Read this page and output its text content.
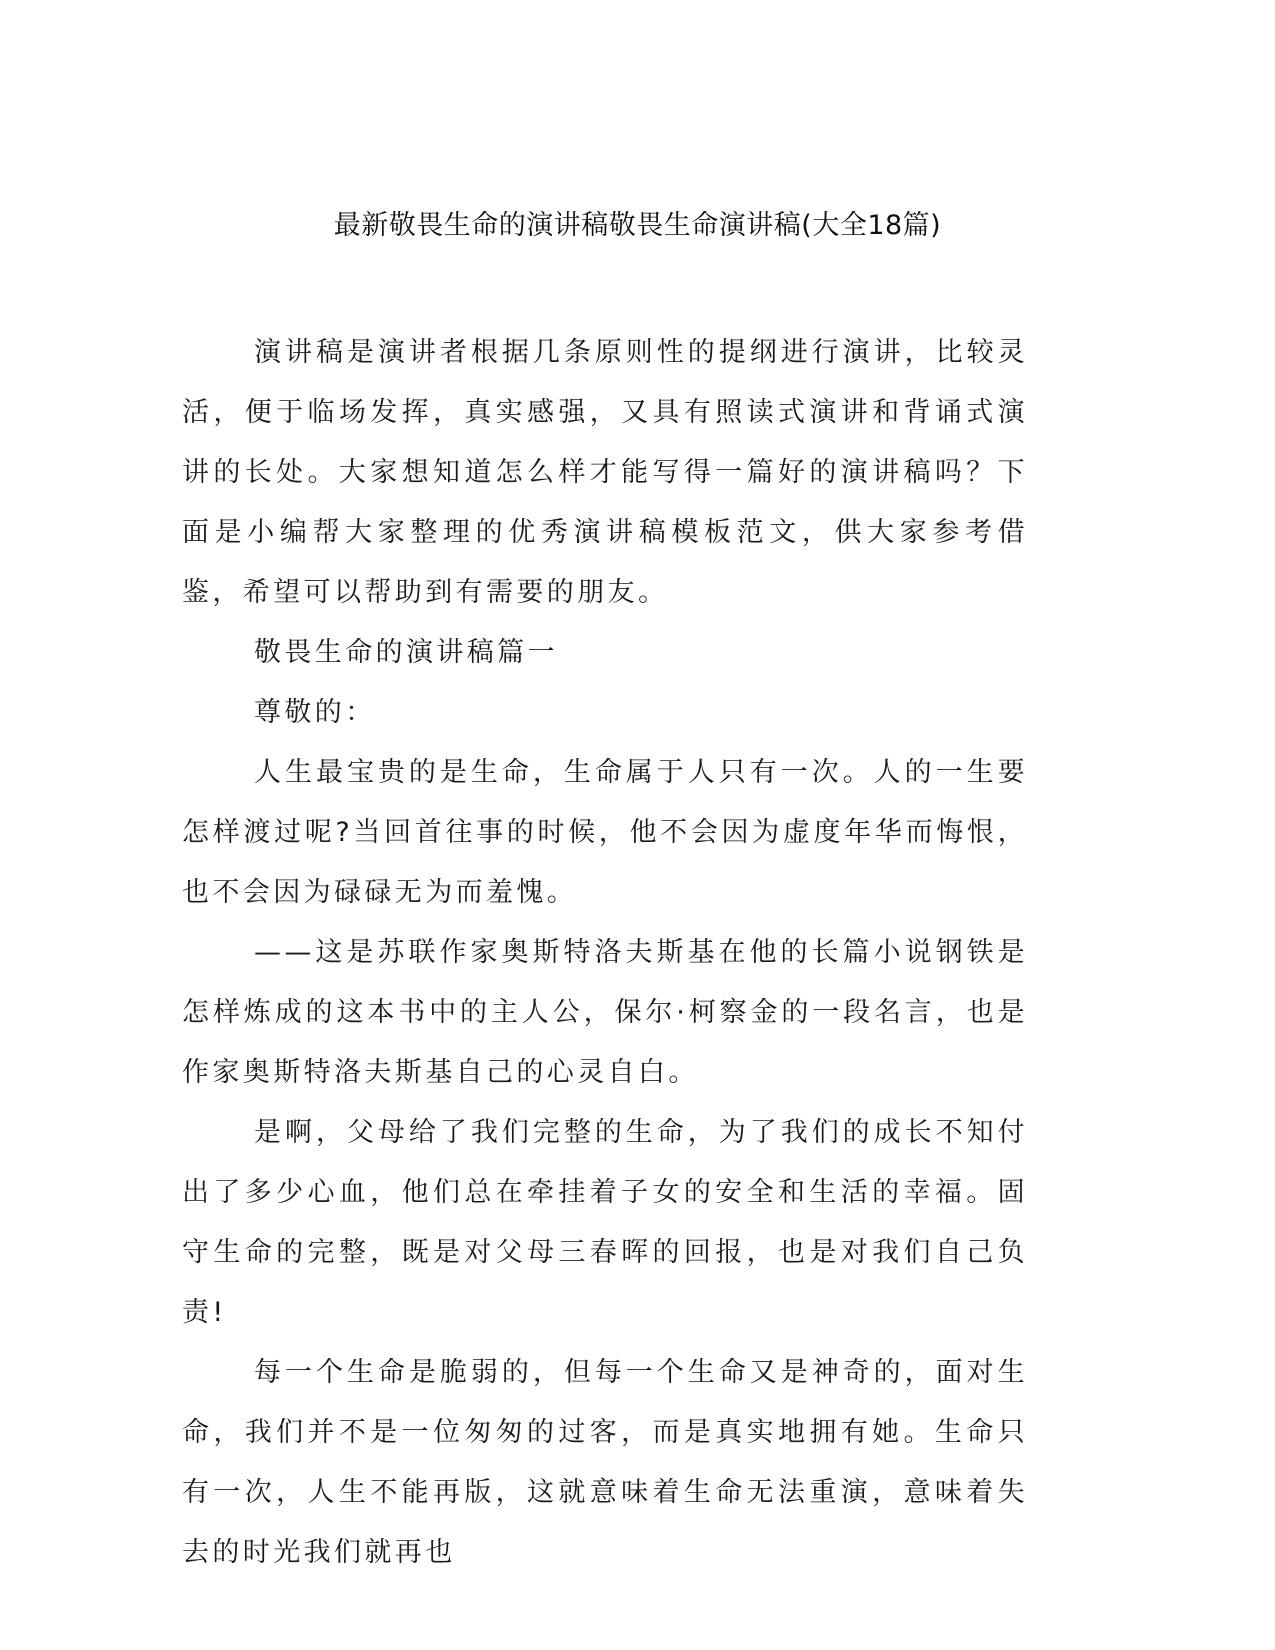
最新敬畏生命的演讲稿敬畏生命演讲稿(大全18篇)

演讲稿是演讲者根据几条原则性的提纲进行演讲，比较灵活，便于临场发挥，真实感强，又具有照读式演讲和背诵式演讲的长处。大家想知道怎么样才能写得一篇好的演讲稿吗？下面是小编帮大家整理的优秀演讲稿模板范文，供大家参考借鉴，希望可以帮助到有需要的朋友。

敬畏生命的演讲稿篇一

尊敬的：

人生最宝贵的是生命，生命属于人只有一次。人的一生要怎样渡过呢?当回首往事的时候，他不会因为虚度年华而悔恨，也不会因为碌碌无为而羞愧。

——这是苏联作家奥斯特洛夫斯基在他的长篇小说钢铁是怎样炼成的这本书中的主人公，保尔·柯察金的一段名言，也是作家奥斯特洛夫斯基自己的心灵自白。

是啊，父母给了我们完整的生命，为了我们的成长不知付出了多少心血，他们总在牵挂着子女的安全和生活的幸福。固守生命的完整，既是对父母三春晖的回报，也是对我们自己负责!

每一个生命是脆弱的，但每一个生命又是神奇的，面对生命，我们并不是一位匆匆的过客，而是真实地拥有她。生命只有一次，人生不能再版，这就意味着生命无法重演，意味着失去的时光我们就再也
